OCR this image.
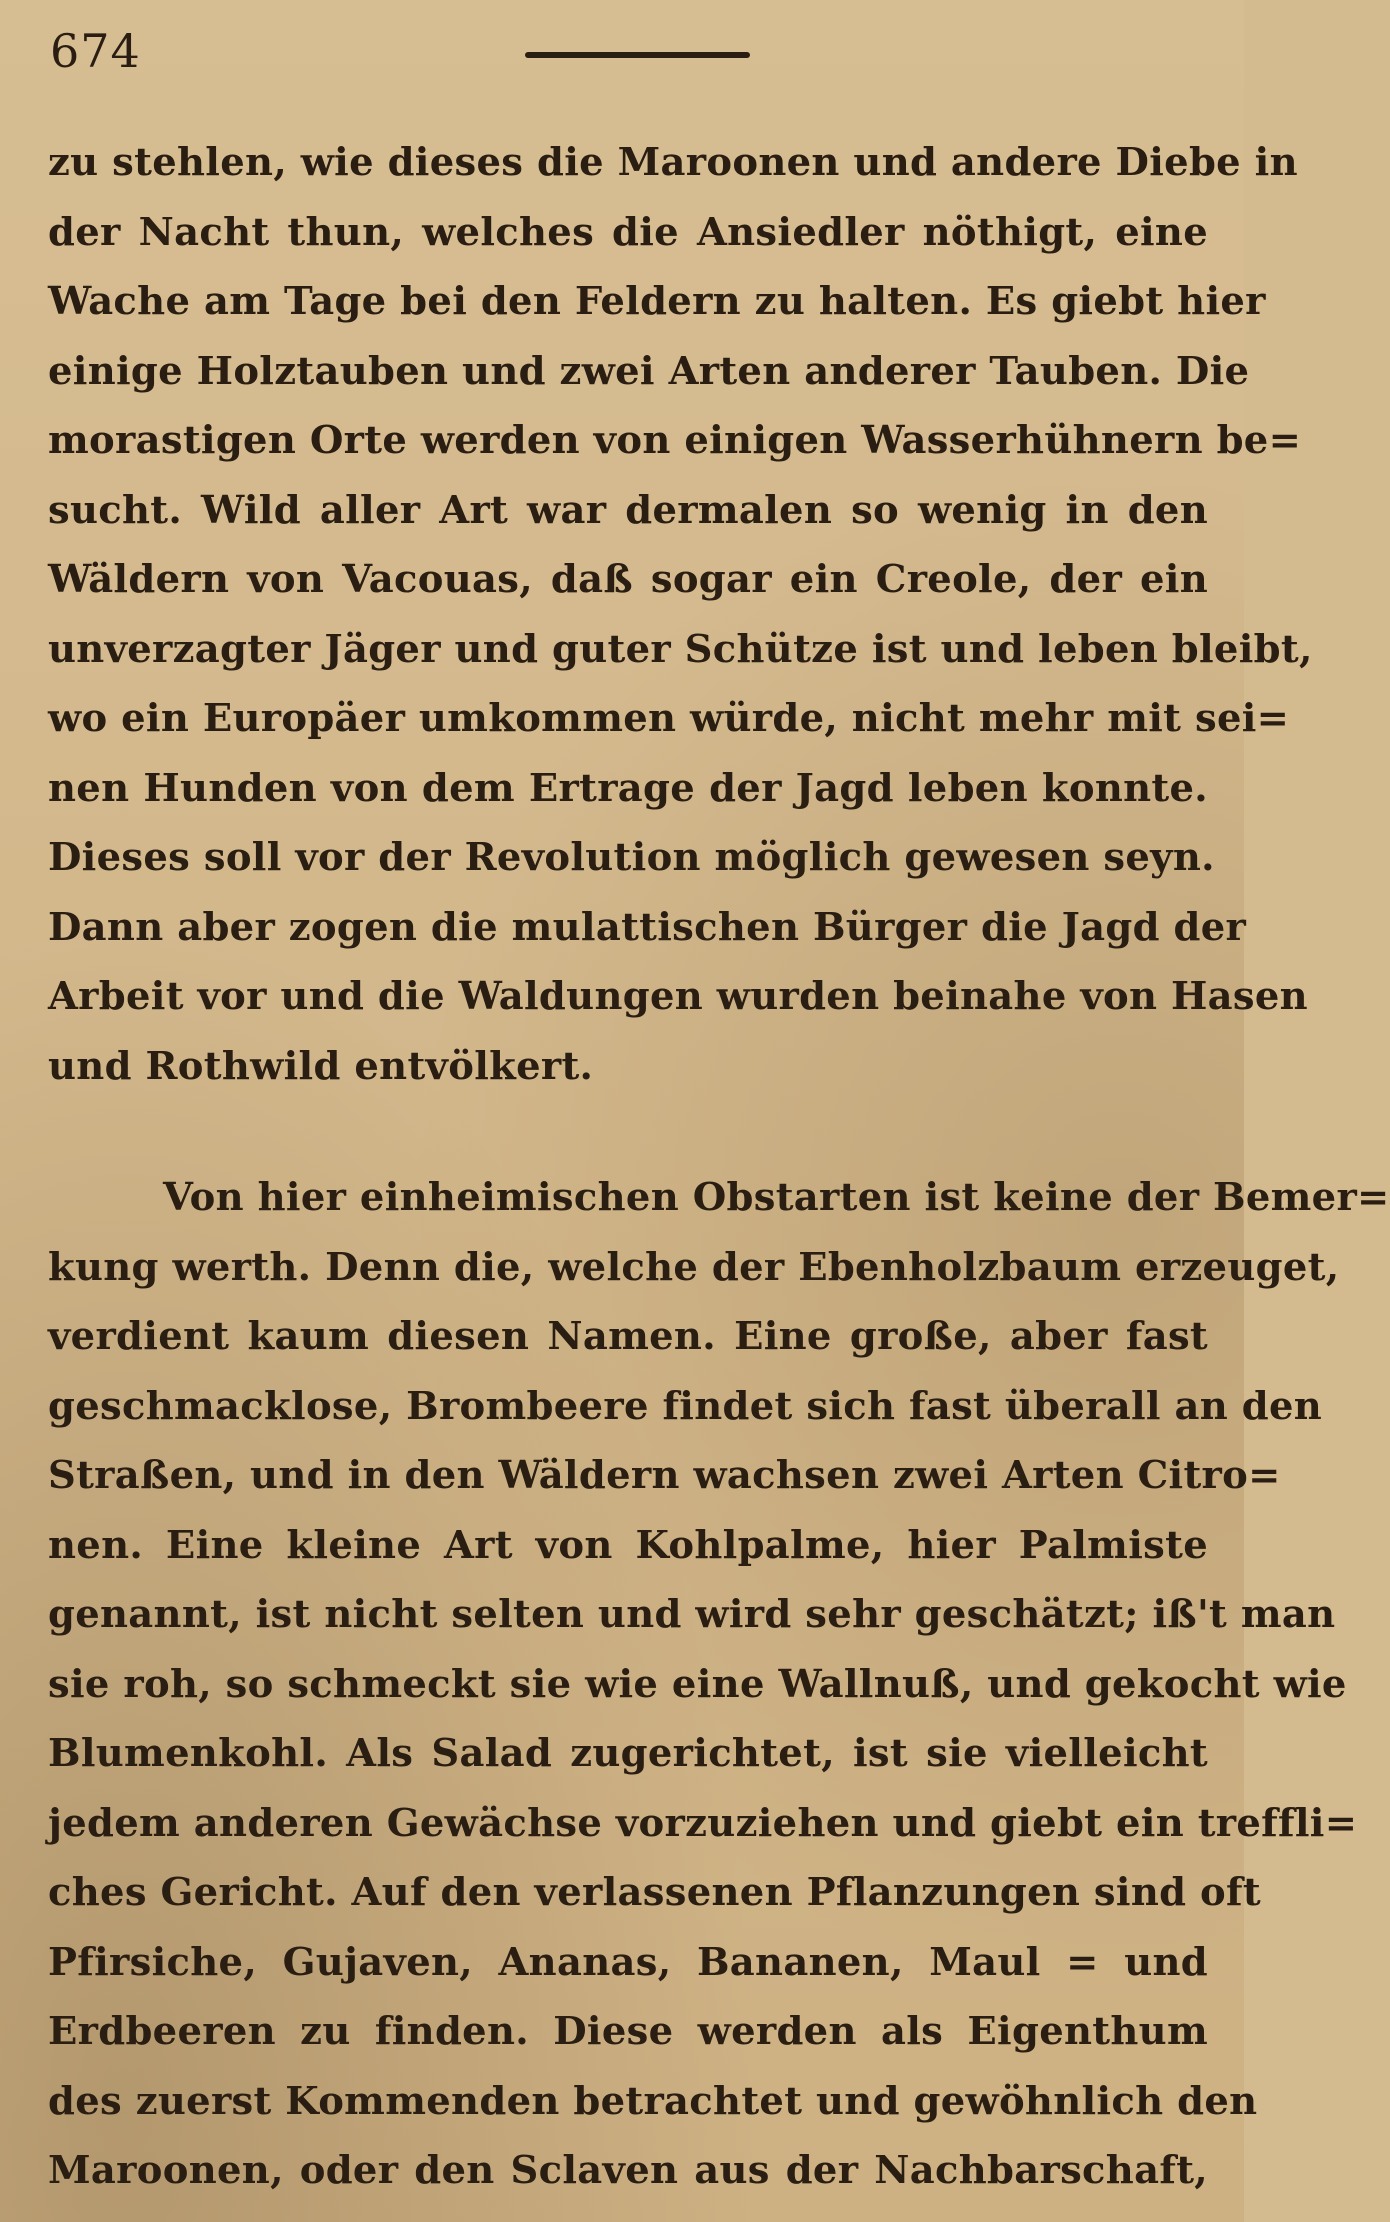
674
zu stehlen, wie dieses die Maroonen und andere Diebe in
der Nacht thun, welches die Ansiedler nöthigt, eine
Wache am Tage bei den Feldern zu halten. Es giebt hier
einige Holztauben und zwei Arten anderer Tauben. Die
morastigen Orte werden von einigen Wasserhühnern be=
sucht. Wild aller Art war dermalen so wenig in den
Wäldern von Vacouas, daß sogar ein Creole, der ein
unverzagter Jäger und guter Schütze ist und leben bleibt,
wo ein Europäer umkommen würde, nicht mehr mit sei=
nen Hunden von dem Ertrage der Jagd leben konnte.
Dieses soll vor der Revolution möglich gewesen seyn.
Dann aber zogen die mulattischen Bürger die Jagd der
Arbeit vor und die Waldungen wurden beinahe von Hasen
und Rothwild entvölkert.
Von hier einheimischen Obstarten ist keine der Bemer=
kung werth. Denn die, welche der Ebenholzbaum erzeuget,
verdient kaum diesen Namen. Eine große, aber fast
geschmacklose, Brombeere findet sich fast überall an den
Straßen, und in den Wäldern wachsen zwei Arten Citro=
nen. Eine kleine Art von Kohlpalme, hier Palmiste
genannt, ist nicht selten und wird sehr geschätzt; iß't man
sie roh, so schmeckt sie wie eine Wallnuß, und gekocht wie
Blumenkohl. Als Salad zugerichtet, ist sie vielleicht
jedem anderen Gewächse vorzuziehen und giebt ein treffli=
ches Gericht. Auf den verlassenen Pflanzungen sind oft
Pfirsiche, Gujaven, Ananas, Bananen, Maul = und
Erdbeeren zu finden. Diese werden als Eigenthum
des zuerst Kommenden betrachtet und gewöhnlich den
Maroonen, oder den Sclaven aus der Nachbarschaft,
